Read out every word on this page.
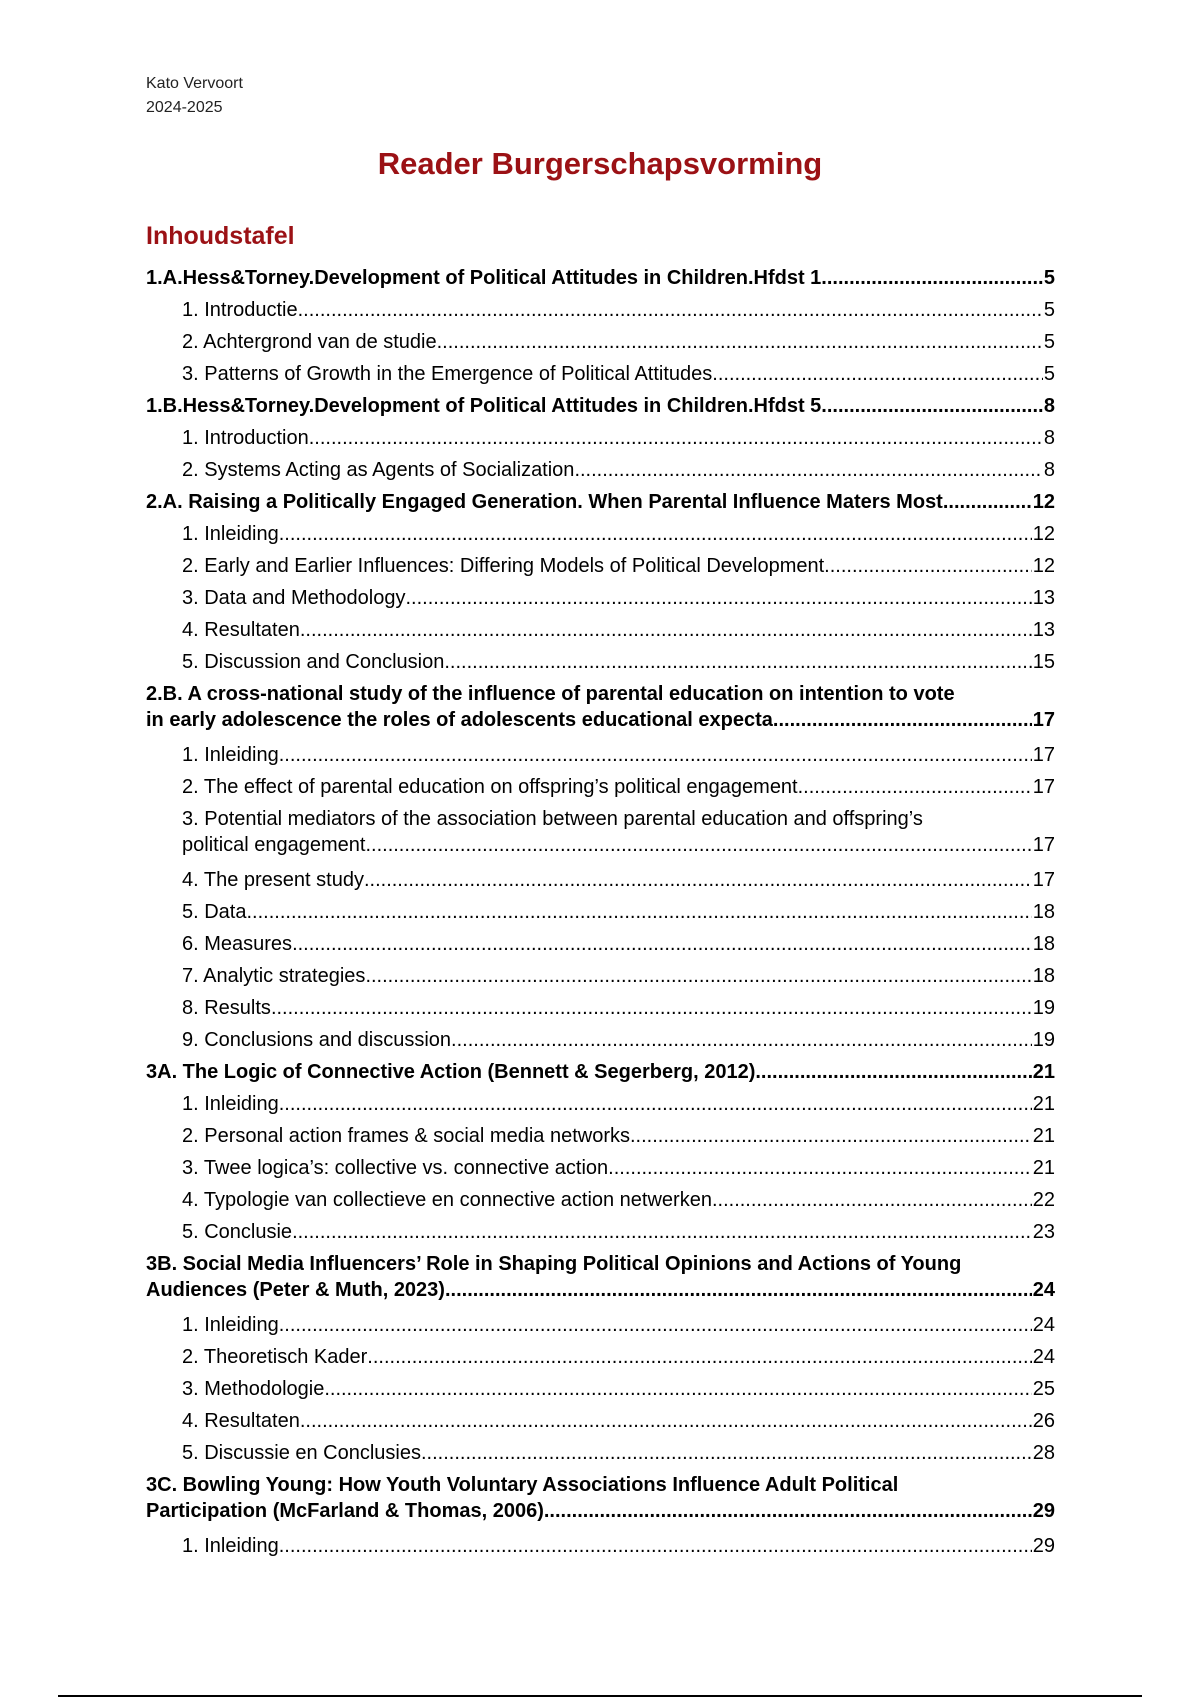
Kato Vervoort
2024-2025
Reader Burgerschapsvorming
Inhoudstafel
1.A.Hess&Torney.Development of Political Attitudes in Children.Hfdst 1 .....	5
1. Introductie .....	5
2. Achtergrond van de studie .....	5
3. Patterns of Growth in the Emergence of Political Attitudes .....	5
1.B.Hess&Torney.Development of Political Attitudes in Children.Hfdst 5 .....	8
1. Introduction .....	8
2. Systems Acting as Agents of Socialization .....	8
2.A. Raising a Politically Engaged Generation. When Parental Influence Maters Most .....	12
1. Inleiding .....	12
2. Early and Earlier Influences: Differing Models of Political Development .....	12
3. Data and Methodology .....	13
4. Resultaten .....	13
5. Discussion and Conclusion .....	15
2.B. A cross-national study of the influence of parental education on intention to vote
in early adolescence the roles of adolescents educational expecta .....	17
1. Inleiding .....	17
2. The effect of parental education on offspring’s political engagement .....	17
3. Potential mediators of the association between parental education and offspring’s
political engagement .....	17
4. The present study .....	17
5. Data .....	18
6. Measures .....	18
7. Analytic strategies .....	18
8. Results .....	19
9. Conclusions and discussion .....	19
3A. The Logic of Connective Action (Bennett & Segerberg, 2012) .....	21
1. Inleiding .....	21
2. Personal action frames & social media networks .....	21
3. Twee logica’s: collective vs. connective action .....	21
4. Typologie van collectieve en connective action netwerken .....	22
5. Conclusie .....	23
3B. Social Media Influencers’ Role in Shaping Political Opinions and Actions of Young
Audiences (Peter & Muth, 2023) .....	24
1. Inleiding .....	24
2. Theoretisch Kader .....	24
3. Methodologie .....	25
4. Resultaten .....	26
5. Discussie en Conclusies .....	28
3C. Bowling Young: How Youth Voluntary Associations Influence Adult Political
Participation (McFarland & Thomas, 2006) .....	29
1. Inleiding .....	29
